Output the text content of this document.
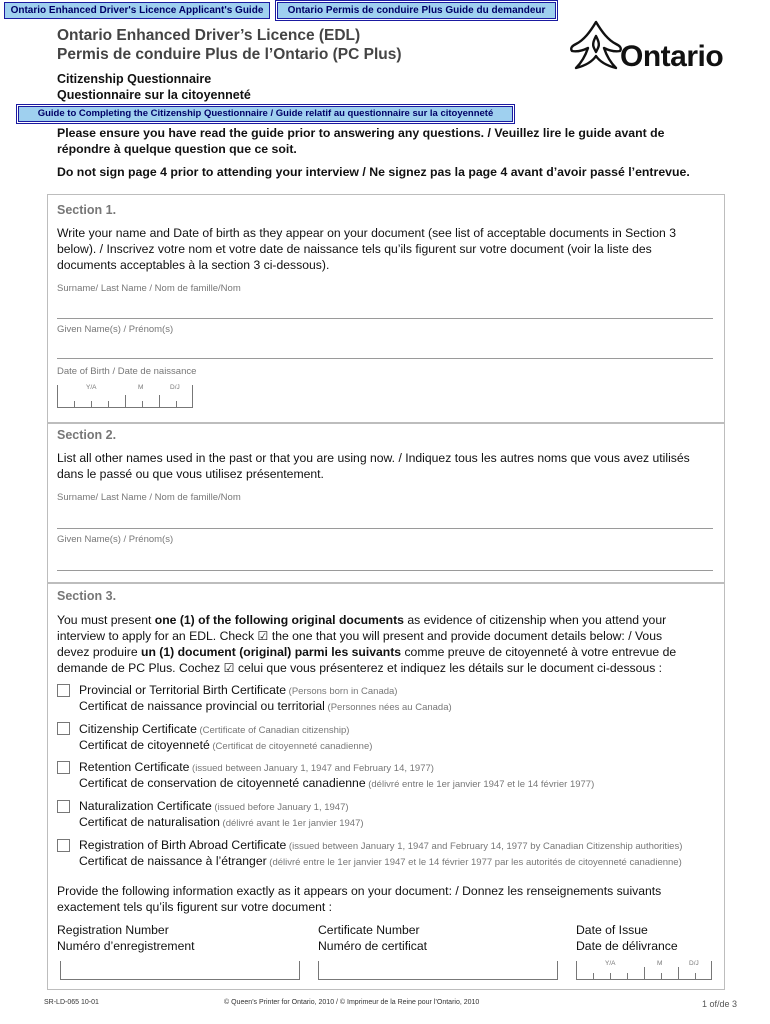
Ontario Enhanced Driver's Licence Applicant's Guide	Ontario Permis de conduire Plus Guide du demandeur
Ontario Enhanced Driver’s Licence (EDL)
Permis de conduire Plus de l’Ontario (PC Plus)
Citizenship Questionnaire
Questionnaire sur la citoyenneté
Ontario
Guide to Completing the Citizenship Questionnaire / Guide relatif au questionnaire sur la citoyenneté
Please ensure you have read the guide prior to answering any questions. / Veuillez lire le guide avant de
répondre à quelque question que ce soit.
Do not sign page 4 prior to attending your interview / Ne signez pas la page 4 avant d’avoir passé l’entrevue.
Section 1.
Write your name and Date of birth as they appear on your document (see list of acceptable documents in Section 3
below). / Inscrivez votre nom et votre date de naissance tels qu’ils figurent sur votre document (voir la liste des
documents acceptables à la section 3 ci-dessous).
Surname/ Last Name / Nom de famille/Nom
Given Name(s) / Prénom(s)
Date of Birth / Date de naissance
Y/A	M	D/J
Section 2.
List all other names used in the past or that you are using now. / Indiquez tous les autres noms que vous avez utilisés
dans le passé ou que vous utilisez présentement.
Surname/ Last Name / Nom de famille/Nom
Given Name(s) / Prénom(s)
Section 3.
You must present one (1) of the following original documents as evidence of citizenship when you attend your
interview to apply for an EDL. Check ☑ the one that you will present and provide document details below: / Vous
devez produire un (1) document (original) parmi les suivants comme preuve de citoyenneté à votre entrevue de
demande de PC Plus. Cochez ☑ celui que vous présenterez et indiquez les détails sur le document ci-dessous :
Provincial or Territorial Birth Certificate (Persons born in Canada)
Certificat de naissance provincial ou territorial (Personnes nées au Canada)
Citizenship Certificate (Certificate of Canadian citizenship)
Certificat de citoyenneté (Certificat de citoyenneté canadienne)
Retention Certificate (issued between January 1, 1947 and February 14, 1977)
Certificat de conservation de citoyenneté canadienne (délivré entre le 1er janvier 1947 et le 14 février 1977)
Naturalization Certificate (issued before January 1, 1947)
Certificat de naturalisation (délivré avant le 1er janvier 1947)
Registration of Birth Abroad Certificate (issued between January 1, 1947 and February 14, 1977 by Canadian Citizenship authorities)
Certificat de naissance à l’étranger (délivré entre le 1er janvier 1947 et le 14 février 1977 par les autorités de citoyenneté canadienne)
Provide the following information exactly as it appears on your document: / Donnez les renseignements suivants
exactement tels qu’ils figurent sur votre document :
Registration Number
Numéro d’enregistrement
Certificate Number
Numéro de certificat
Date of Issue
Date de délivrance
Y/A	M	D/J
SR-LD-065 10-01	© Queen’s Printer for Ontario, 2010 / © Imprimeur de la Reine pour l’Ontario, 2010	1 of/de 3
